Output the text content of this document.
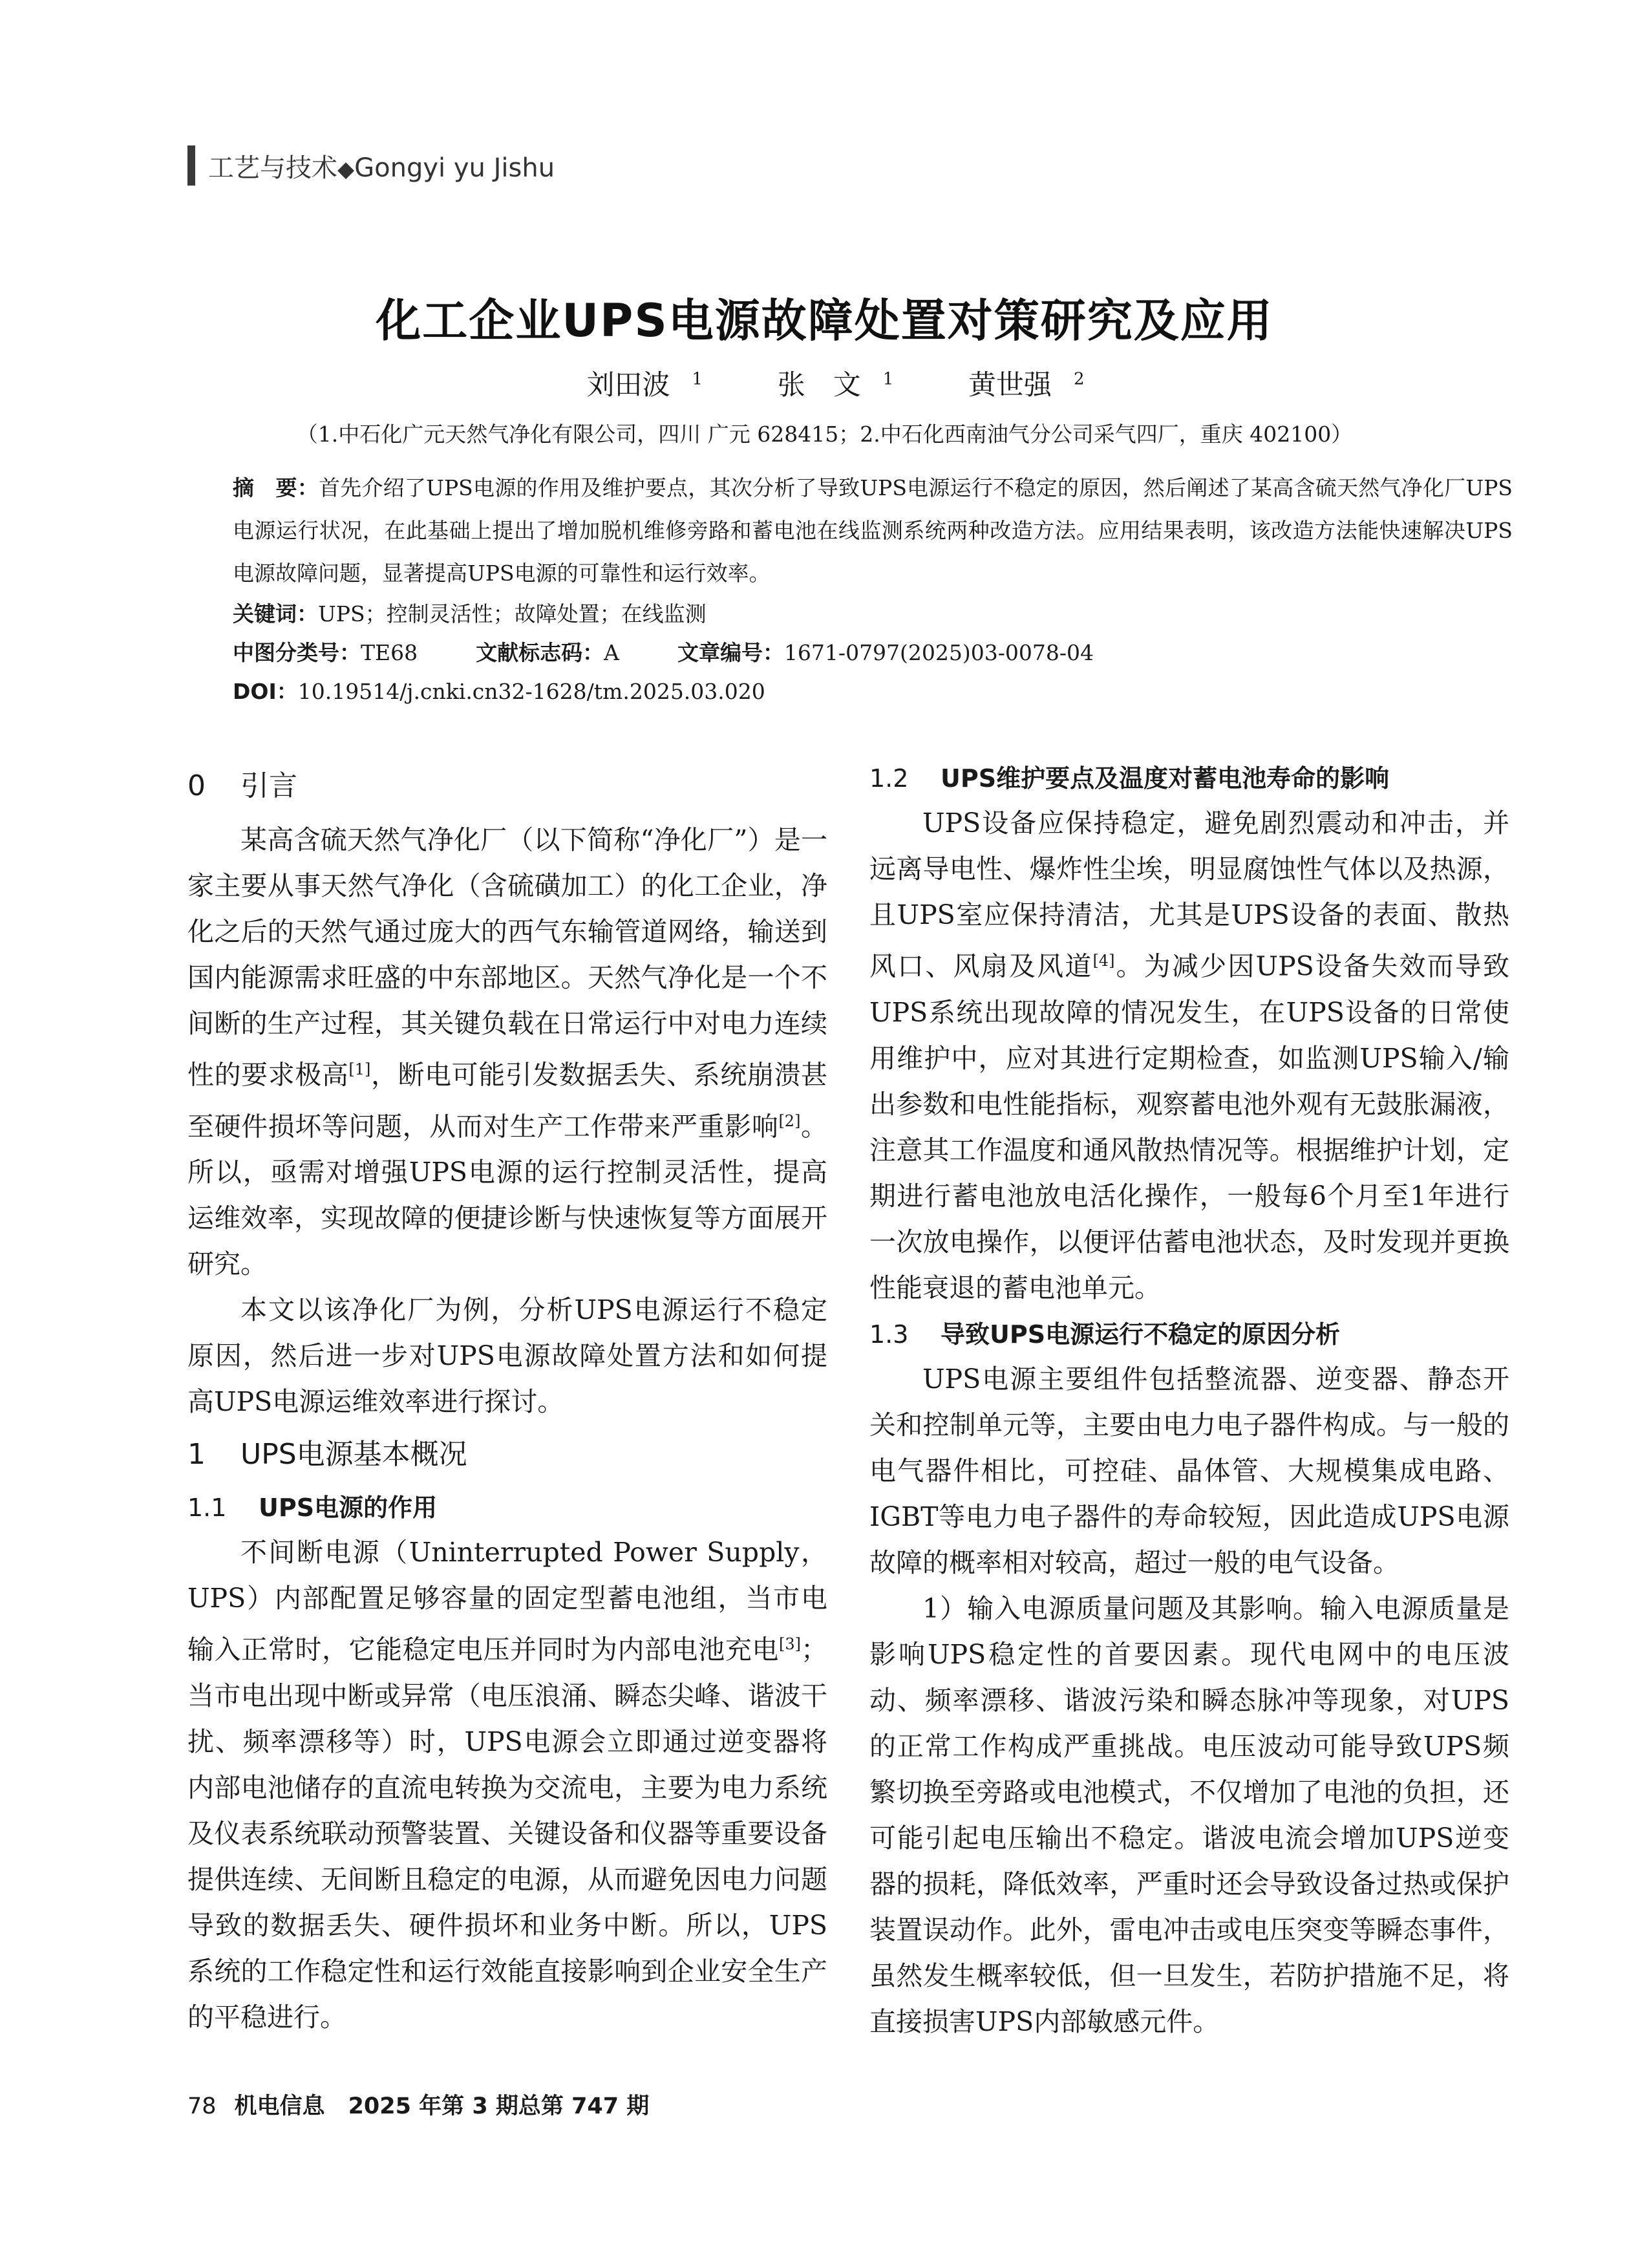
工艺与技术◆Gongyi yu Jishu
化工企业UPS电源故障处置对策研究及应用
刘田波 $^1$	张　文 $^1$	黄世强 $^2$
（1.中石化广元天然气净化有限公司，四川 广元 628415；2.中石化西南油气分公司采气四厂，重庆 402100）
摘　要：首先介绍了UPS电源的作用及维护要点，其次分析了导致UPS电源运行不稳定的原因，然后阐述了某高含硫天然气净化厂UPS电源运行状况，在此基础上提出了增加脱机维修旁路和蓄电池在线监测系统两种改造方法。应用结果表明，该改造方法能快速解决UPS电源故障问题，显著提高UPS电源的可靠性和运行效率。
关键词：UPS；控制灵活性；故障处置；在线监测
中图分类号：TE68	文献标志码：A	文章编号：1671-0797(2025)03-0078-04
DOI：10.19514/j.cnki.cn32-1628/tm.2025.03.020
0 引言

某高含硫天然气净化厂（以下简称“净化厂”）是一家主要从事天然气净化（含硫磺加工）的化工企业，净化之后的天然气通过庞大的西气东输管道网络，输送到国内能源需求旺盛的中东部地区。天然气净化是一个不间断的生产过程，其关键负载在日常运行中对电力连续性的要求极高[1]，断电可能引发数据丢失、系统崩溃甚至硬件损坏等问题，从而对生产工作带来严重影响[2]。所以，亟需对增强UPS电源的运行控制灵活性，提高运维效率，实现故障的便捷诊断与快速恢复等方面展开研究。

本文以该净化厂为例，分析UPS电源运行不稳定原因，然后进一步对UPS电源故障处置方法和如何提高UPS电源运维效率进行探讨。

1 UPS电源基本概况
1.1 UPS电源的作用

不间断电源（Uninterrupted Power Supply，UPS）内部配置足够容量的固定型蓄电池组，当市电输入正常时，它能稳定电压并同时为内部电池充电[3]；当市电出现中断或异常（电压浪涌、瞬态尖峰、谐波干扰、频率漂移等）时，UPS电源会立即通过逆变器将内部电池储存的直流电转换为交流电，主要为电力系统及仪表系统联动预警装置、关键设备和仪器等重要设备提供连续、无间断且稳定的电源，从而避免因电力问题导致的数据丢失、硬件损坏和业务中断。所以，UPS系统的工作稳定性和运行效能直接影响到企业安全生产的平稳进行。

1.2 UPS维护要点及温度对蓄电池寿命的影响

UPS设备应保持稳定，避免剧烈震动和冲击，并远离导电性、爆炸性尘埃，明显腐蚀性气体以及热源，且UPS室应保持清洁，尤其是UPS设备的表面、散热风口、风扇及风道[4]。为减少因UPS设备失效而导致UPS系统出现故障的情况发生，在UPS设备的日常使用维护中，应对其进行定期检查，如监测UPS输入/输出参数和电性能指标，观察蓄电池外观有无鼓胀漏液，注意其工作温度和通风散热情况等。根据维护计划，定期进行蓄电池放电活化操作，一般每6个月至1年进行一次放电操作，以便评估蓄电池状态，及时发现并更换性能衰退的蓄电池单元。

1.3 导致UPS电源运行不稳定的原因分析

UPS电源主要组件包括整流器、逆变器、静态开关和控制单元等，主要由电力电子器件构成。与一般的电气器件相比，可控硅、晶体管、大规模集成电路、IGBT等电力电子器件的寿命较短，因此造成UPS电源故障的概率相对较高，超过一般的电气设备。

1）输入电源质量问题及其影响。输入电源质量是影响UPS稳定性的首要因素。现代电网中的电压波动、频率漂移、谐波污染和瞬态脉冲等现象，对UPS的正常工作构成严重挑战。电压波动可能导致UPS频繁切换至旁路或电池模式，不仅增加了电池的负担，还可能引起电压输出不稳定。谐波电流会增加UPS逆变器的损耗，降低效率，严重时还会导致设备过热或保护装置误动作。此外，雷电冲击或电压突变等瞬态事件，虽然发生概率较低，但一旦发生，若防护措施不足，将直接损害UPS内部敏感元件。

78 机电信息 2025 年第 3 期总第 747 期
